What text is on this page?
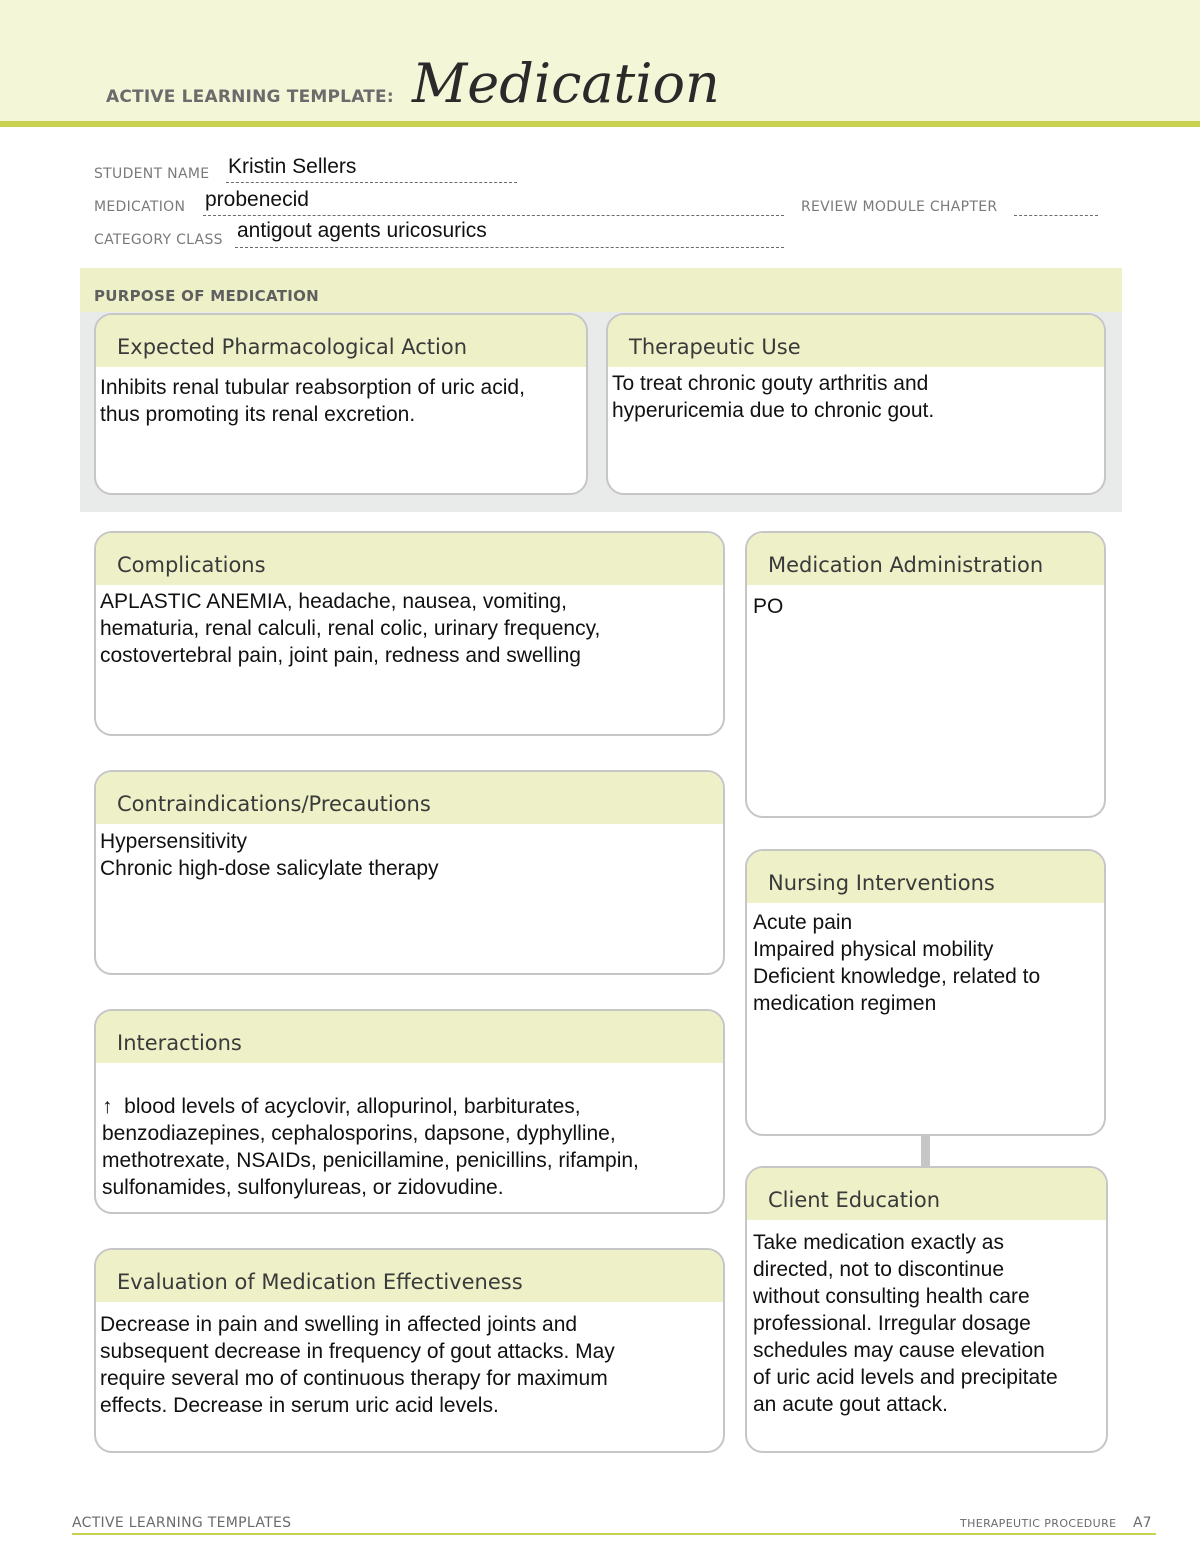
ACTIVE LEARNING TEMPLATE: Medication
STUDENT NAME Kristin Sellers
MEDICATION probenecid	REVIEW MODULE CHAPTER
CATEGORY CLASS antigout agents uricosurics
PURPOSE OF MEDICATION
Expected Pharmacological Action
Inhibits renal tubular reabsorption of uric acid,
thus promoting its renal excretion.
Therapeutic Use
To treat chronic gouty arthritis and
hyperuricemia due to chronic gout.
Complications
APLASTIC ANEMIA, headache, nausea, vomiting,
hematuria, renal calculi, renal colic, urinary frequency,
costovertebral pain, joint pain, redness and swelling
Medication Administration
PO
Contraindications/Precautions
Hypersensitivity
Chronic high-dose salicylate therapy
Nursing Interventions
Acute pain
Impaired physical mobility
Deficient knowledge, related to
medication regimen
Interactions
↑  blood levels of acyclovir, allopurinol, barbiturates,
benzodiazepines, cephalosporins, dapsone, dyphylline,
methotrexate, NSAIDs, penicillamine, penicillins, rifampin,
sulfonamides, sulfonylureas, or zidovudine.
Client Education
Take medication exactly as
directed, not to discontinue
without consulting health care
professional. Irregular dosage
schedules may cause elevation
of uric acid levels and precipitate
an acute gout attack.
Evaluation of Medication Effectiveness
Decrease in pain and swelling in affected joints and
subsequent decrease in frequency of gout attacks. May
require several mo of continuous therapy for maximum
effects. Decrease in serum uric acid levels.
ACTIVE LEARNING TEMPLATES	THERAPEUTIC PROCEDURE A7
